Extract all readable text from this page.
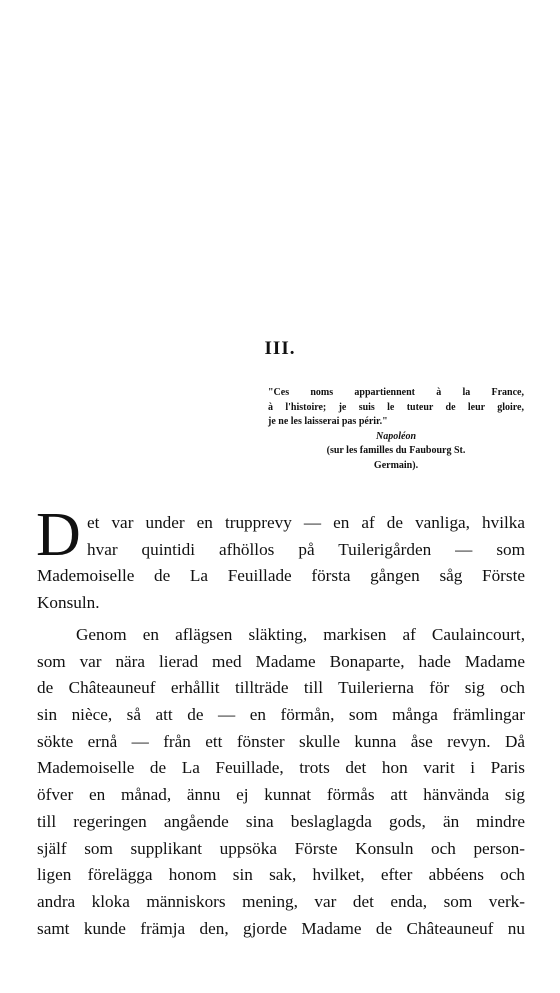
III.
"Ces noms appartiennent à la France,
à l'histoire; je suis le tuteur de leur gloire,
je ne les laisserai pas périr."
Napoléon
(sur les familles du Faubourg St.
Germain).
D et var under en trupprevy — en af de vanliga, hvilka
hvar quintidi afhöllos på Tuilerigården — som
Mademoiselle de La Feuillade första gången såg Förste
Konsuln.
Genom en aflägsen släkting, markisen af Caulaincourt,
som var nära lierad med Madame Bonaparte, hade Madame
de Châteauneuf erhållit tillträde till Tuilerierna för sig och
sin nièce, så att de — en förmån, som många främlingar
sökte ernå — från ett fönster skulle kunna åse revyn. Då
Mademoiselle de La Feuillade, trots det hon varit i Paris
öfver en månad, ännu ej kunnat förmås att hänvända sig
till regeringen angående sina beslaglagda gods, än mindre
själf som supplikant uppsöka Förste Konsuln och person-
ligen förelägga honom sin sak, hvilket, efter abbéens och
andra kloka människors mening, var det enda, som verk-
samt kunde främja den, gjorde Madame de Châteauneuf nu
